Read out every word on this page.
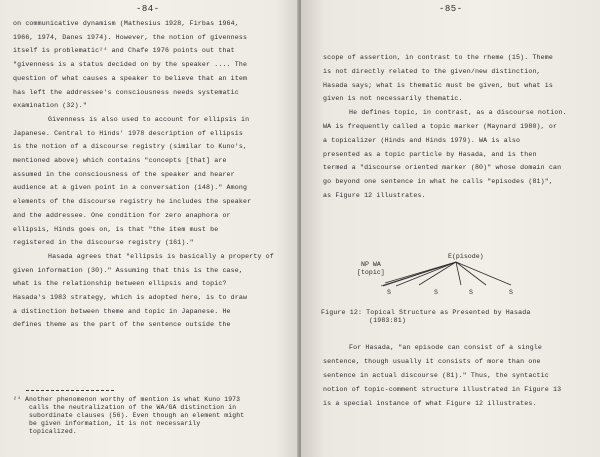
-84-
on communicative dynamism (Mathesius 1928, Firbas 1964,
1966, 1974, Danes 1974). However, the notion of givenness
itself is problematic²⁴ and Chafe 1976 points out that
"givenness is a status decided on by the speaker .... The
question of what causes a speaker to believe that an item
has left the addressee's consciousness needs systematic
examination (32)."
Givenness is also used to account for ellipsis in
Japanese. Central to Hinds' 1978 description of ellipsis
is the notion of a discourse registry (similar to Kuno's,
mentioned above) which contains "concepts [that] are
assumed in the consciousness of the speaker and hearer
audience at a given point in a conversation (148)." Among
elements of the discourse registry he includes the speaker
and the addressee. One condition for zero anaphora or
ellipsis, Hinds goes on, is that "the item must be
registered in the discourse registry (161)."
Hasada agrees that "ellipsis is basically a property of
given information (30)." Assuming that this is the case,
what is the relationship between ellipsis and topic?
Hasada's 1983 strategy, which is adopted here, is to draw
a distinction between theme and topic in Japanese. He
defines theme as the part of the sentence outside the
²⁴ Another phenomenon worthy of mention is what Kuno 1973
calls the neutralization of the WA/GA distinction in
subordinate clauses (56). Even though an element might
be given information, it is not necessarily
topicalized.
-85-
scope of assertion, in contrast to the rheme (15). Theme
is not directly related to the given/new distinction,
Hasada says; what is thematic must be given, but what is
given is not necessarily thematic.
He defines topic, in contrast, as a discourse notion.
WA is frequently called a topic marker (Maynard 1980), or
a topicalizer (Hinds and Hinds 1979). WA is also
presented as a topic particle by Hasada, and is then
termed a "discourse oriented marker (80)" whose domain can
go beyond one sentence in what he calls "episodes (81)",
as Figure 12 illustrates.
E(pisode)
NP WA
[topic]
S	S	S	S
Figure 12: Topical Structure as Presented by Hasada
(1983:81)
For Hasada, "an episode can consist of a single
sentence, though usually it consists of more than one
sentence in actual discourse (81)." Thus, the syntactic
notion of topic-comment structure illustrated in Figure 13
is a special instance of what Figure 12 illustrates.
